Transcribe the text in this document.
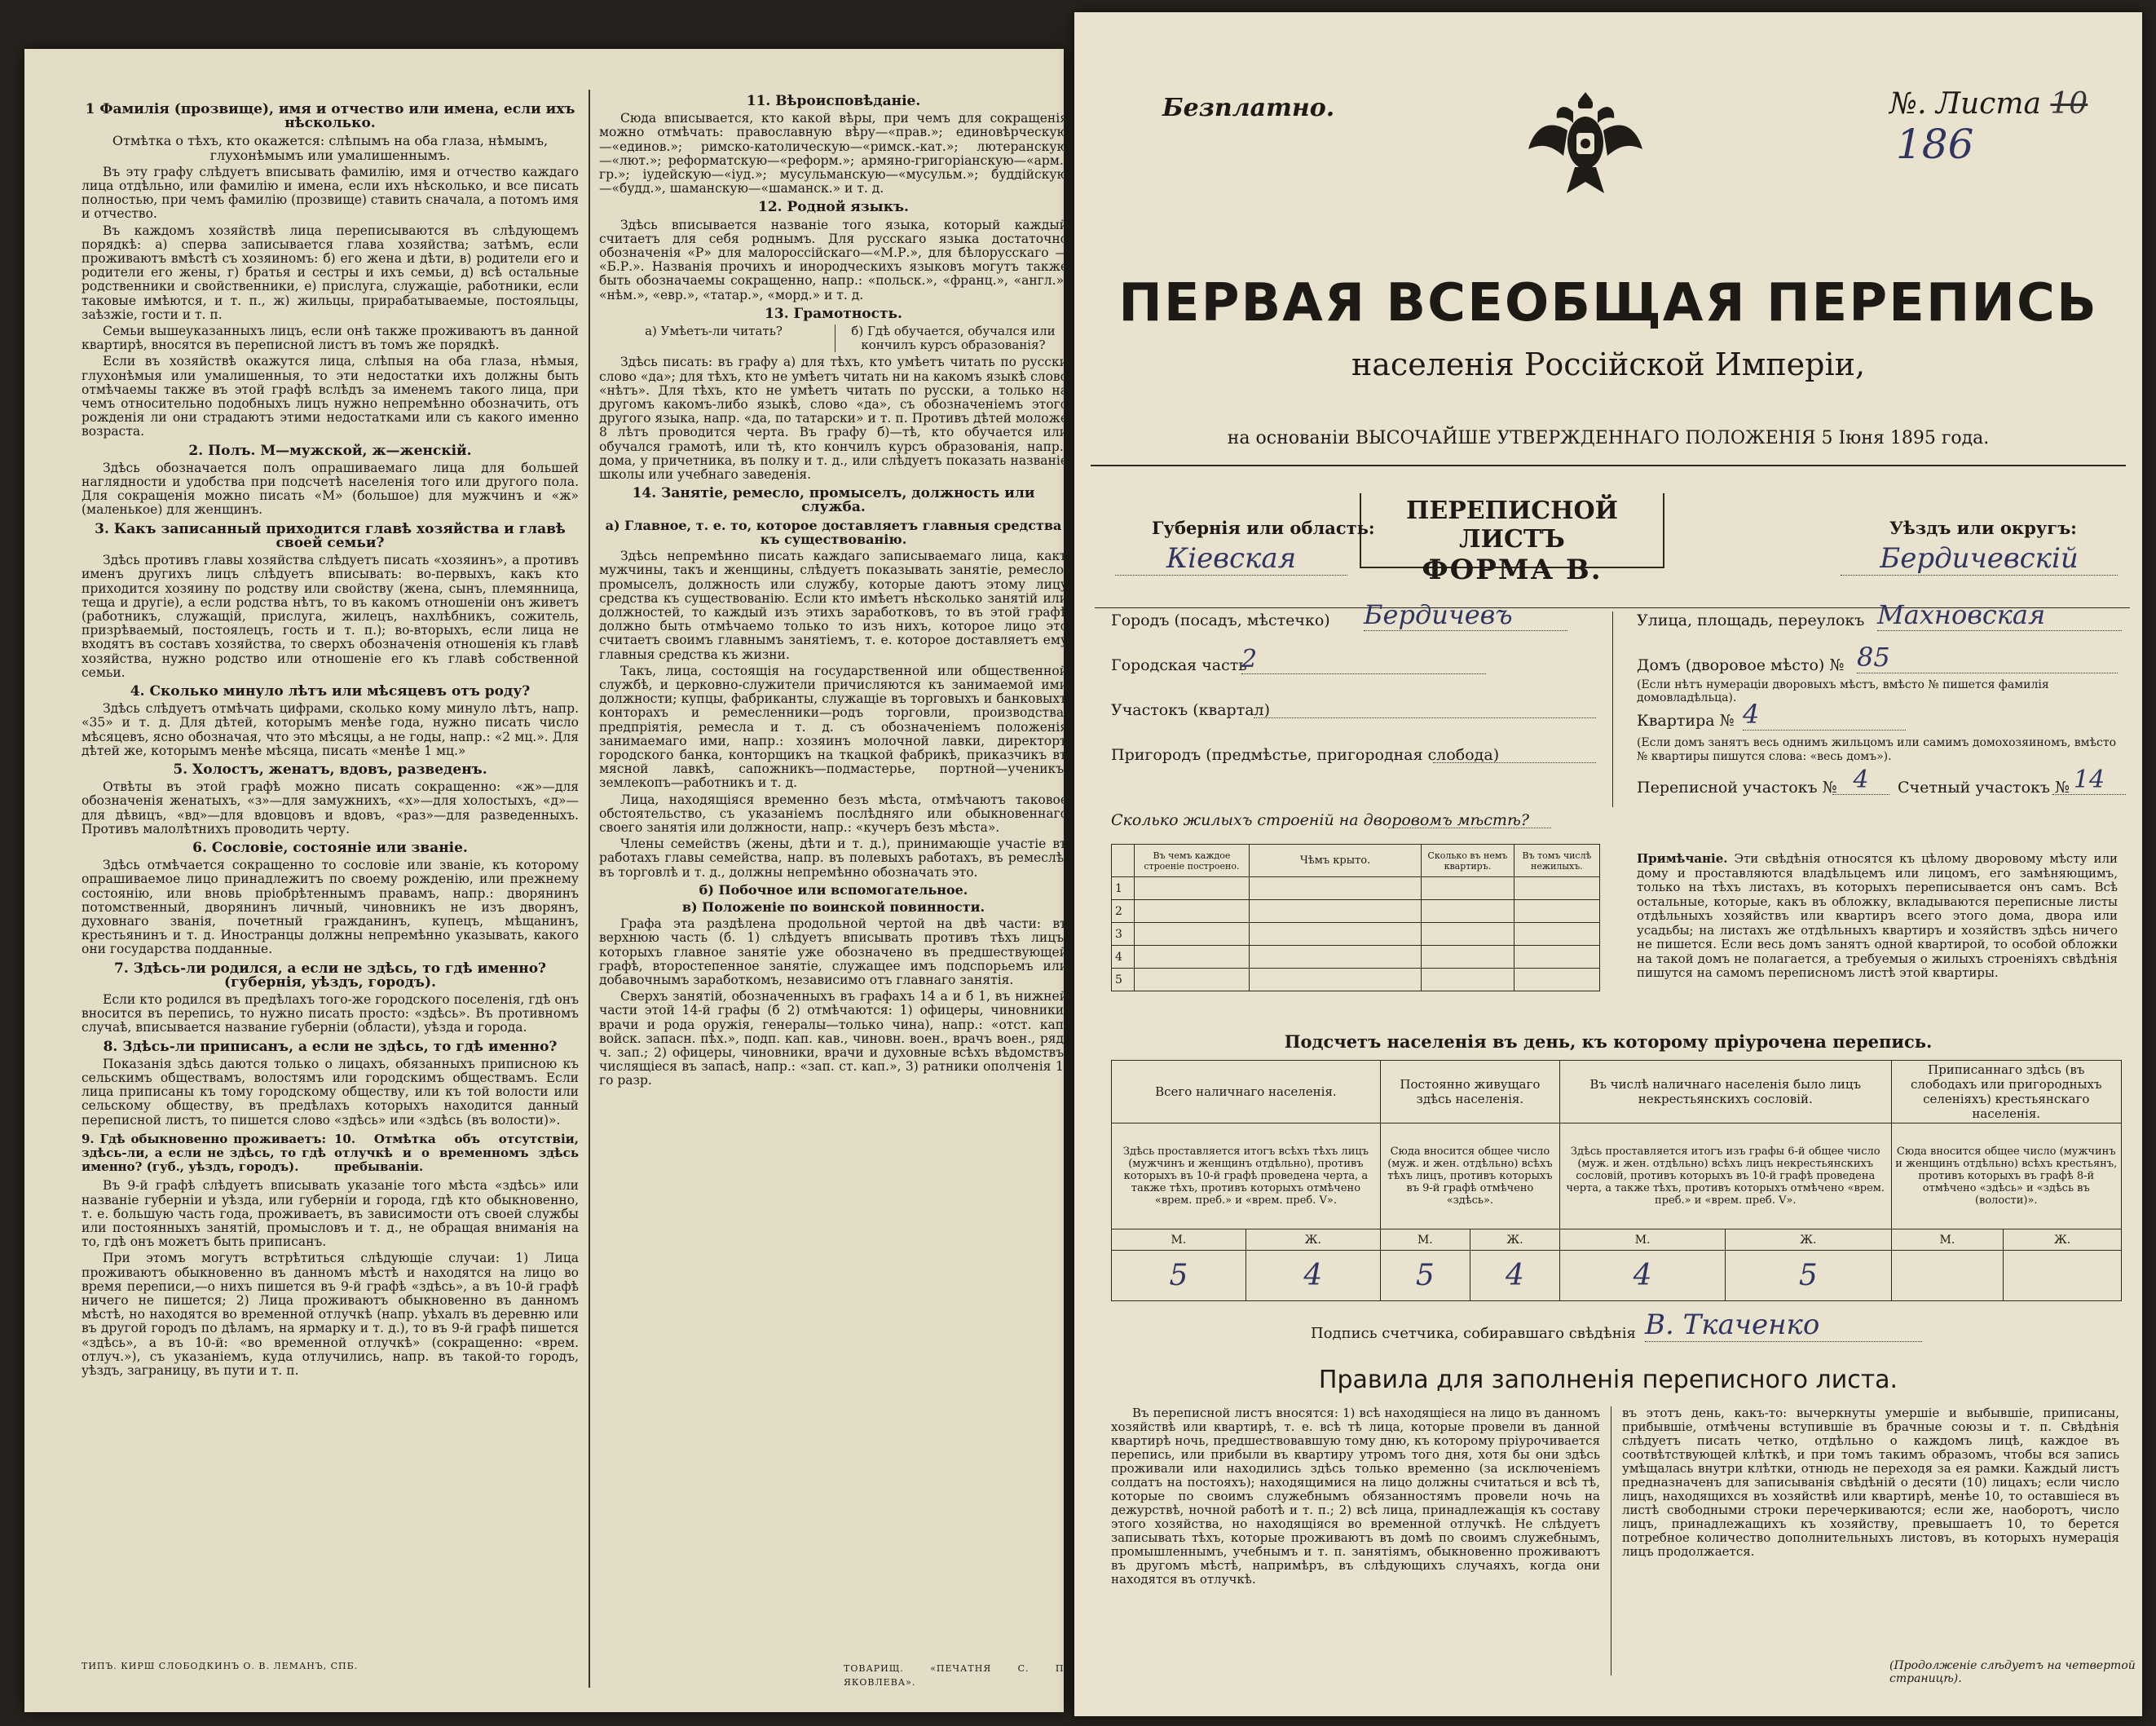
1 Фамилія (прозвище), имя и отчество или имена, если ихъ нѣсколько.

Отмѣтка о тѣхъ, кто окажется: слѣпымъ на оба глаза, нѣмымъ, глухонѣмымъ или умалишеннымъ.

Въ эту графу слѣдуетъ вписывать фамилію, имя и отчество каждаго лица отдѣльно, или фамилію и имена, если ихъ нѣсколько, и все писать полностью, при чемъ фамилію (прозвище) ставить сначала, а потомъ имя и отчество.

Въ каждомъ хозяйствѣ лица переписываются въ слѣдующемъ порядкѣ: а) сперва записывается глава хозяйства; затѣмъ, если проживаютъ вмѣстѣ съ хозяиномъ: б) его жена и дѣти, в) родители его и родители его жены, г) братья и сестры и ихъ семьи, д) всѣ остальные родственники и свойственники, е) прислуга, служащіе, работники, если таковые имѣются, и т. п., ж) жильцы, прирабатываемые, постояльцы, заѣзжіе, гости и т. п.

Семьи вышеуказанныхъ лицъ, если онѣ также проживаютъ въ данной квартирѣ, вносятся въ переписной листъ въ томъ же порядкѣ.

Если въ хозяйствѣ окажутся лица, слѣпыя на оба глаза, нѣмыя, глухонѣмыя или умалишенныя, то эти недостатки ихъ должны быть отмѣчаемы также въ этой графѣ вслѣдъ за именемъ такого лица, при чемъ относительно подобныхъ лицъ нужно непремѣнно обозначить, отъ рожденія ли они страдаютъ этими недостатками или съ какого именно возраста.

2. Полъ. М—мужской, ж—женскій.

Здѣсь обозначается полъ опрашиваемаго лица для большей наглядности и удобства при подсчетѣ населенія того или другого пола. Для сокращенія можно писать «М» (большое) для мужчинъ и «ж» (маленькое) для женщинъ.

3. Какъ записанный приходится главѣ хозяйства и главѣ своей семьи?

Здѣсь противъ главы хозяйства слѣдуетъ писать «хозяинъ», а противъ именъ другихъ лицъ слѣдуетъ вписывать: во-первыхъ, какъ кто приходится хозяину по родству или свойству (жена, сынъ, племянница, теща и другіе), а если родства нѣтъ, то въ какомъ отношеніи онъ живетъ (работникъ, служащій, прислуга, жилецъ, нахлѣбникъ, сожитель, призрѣваемый, постоялецъ, гость и т. п.); во-вторыхъ, если лица не входятъ въ составъ хозяйства, то сверхъ обозначенія отношенія къ главѣ хозяйства, нужно родство или отношеніе его къ главѣ собственной семьи.

4. Сколько минуло лѣтъ или мѣсяцевъ отъ роду?

Здѣсь слѣдуетъ отмѣчать цифрами, сколько кому минуло лѣтъ, напр. «35» и т. д. Для дѣтей, которымъ менѣе года, нужно писать число мѣсяцевъ, ясно обозначая, что это мѣсяцы, а не годы, напр.: «2 мц.». Для дѣтей же, которымъ менѣе мѣсяца, писать «менѣе 1 мц.»

5. Холостъ, женатъ, вдовъ, разведенъ.

Отвѣты въ этой графѣ можно писать сокращенно: «ж»—для обозначенія женатыхъ, «з»—для замужнихъ, «х»—для холостыхъ, «д»—для дѣвицъ, «вд»—для вдовцовъ и вдовъ, «раз»—для разведенныхъ. Противъ малолѣтнихъ проводить черту.

6. Сословіе, состояніе или званіе.

Здѣсь отмѣчается сокращенно то сословіе или званіе, къ которому опрашиваемое лицо принадлежитъ по своему рожденію, или прежнему состоянію, или вновь пріобрѣтеннымъ правамъ, напр.: дворянинъ потомственный, дворянинъ личный, чиновникъ не изъ дворянъ, духовнаго званія, почетный гражданинъ, купецъ, мѣщанинъ, крестьянинъ и т. д. Иностранцы должны непремѣнно указывать, какого они государства подданные.

7. Здѣсь-ли родился, а если не здѣсь, то гдѣ именно? (губернія, уѣздъ, городъ).

Если кто родился въ предѣлахъ того-же городского поселенія, гдѣ онъ вносится въ перепись, то нужно писать просто: «здѣсь». Въ противномъ случаѣ, вписывается название губерніи (области), уѣзда и города.

8. Здѣсь-ли приписанъ, а если не здѣсь, то гдѣ именно?

Показанія здѣсь даются только о лицахъ, обязанныхъ приписною къ сельскимъ обществамъ, волостямъ или городскимъ обществамъ. Если лица приписаны къ тому городскому обществу, или къ той волости или сельскому обществу, въ предѣлахъ которыхъ находится данный переписной листъ, то пишется слово «здѣсь» или «здѣсь (въ волости)».

9. Гдѣ обыкновенно проживаетъ: здѣсь-ли, а если не здѣсь, то гдѣ именно? (губ., уѣздъ, городъ).
10. Отмѣтка объ отсутствіи, отлучкѣ и о временномъ здѣсь пребываніи.

Въ 9-й графѣ слѣдуетъ вписывать указаніе того мѣста «здѣсь» или названіе губерніи и уѣзда, или губерніи и города, гдѣ кто обыкновенно, т. е. большую часть года, проживаетъ, въ зависимости отъ своей службы или постоянныхъ занятій, промысловъ и т. д., не обращая вниманія на то, гдѣ онъ можетъ быть приписанъ.

При этомъ могутъ встрѣтиться слѣдующіе случаи: 1) Лица проживаютъ обыкновенно въ данномъ мѣстѣ и находятся на лицо во время переписи,—о нихъ пишется въ 9-й графѣ «здѣсь», а въ 10-й графѣ ничего не пишется; 2) Лица проживаютъ обыкновенно въ данномъ мѣстѣ, но находятся во временной отлучкѣ (напр. уѣхалъ въ деревню или въ другой городъ по дѣламъ, на ярмарку и т. д.), то въ 9-й графѣ пишется «здѣсь», а въ 10-й: «во временной отлучкѣ» (сокращенно: «врем. отлуч.»), съ указаніемъ, куда отлучились, напр. въ такой-то городъ, уѣздъ, заграницу, въ пути и т. п.

ТИПЪ. КИРШ СЛОБОДКИНЪ О. В. ЛЕМАНЪ, СПБ.
11. Вѣроисповѣданіе.

Сюда вписывается, кто какой вѣры, при чемъ для сокращенія можно отмѣчать: православную вѣру—«прав.»; единовѣрческую—«единов.»; римско-католическую—«римск.-кат.»; лютеранскую—«лют.»; реформатскую—«реформ.»; армяно-григоріанскую—«арм.-гр.»; іудейскую—«іуд.»; мусульманскую—«мусульм.»; буддійскую—«будд.», шаманскую—«шаманск.» и т. д.

12. Родной языкъ.

Здѣсь вписывается названіе того языка, который каждый считаетъ для себя роднымъ. Для русскаго языка достаточно обозначенія «Р» для малороссійскаго—«М.Р.», для бѣлорусскаго — «Б.Р.». Названія прочихъ и инородческихъ языковъ могутъ также быть обозначаемы сокращенно, напр.: «польск.», «франц.», «англ.», «нѣм.», «евр.», «татар.», «морд.» и т. д.

13. Грамотность.
а) Умѣетъ-ли читать?	б) Гдѣ обучается, обучался или кончилъ курсъ образованія?

Здѣсь писать: въ графу а) для тѣхъ, кто умѣетъ читать по русски слово «да»; для тѣхъ, кто не умѣетъ читать ни на какомъ языкѣ слово «нѣтъ». Для тѣхъ, кто не умѣетъ читать по русски, а только на другомъ какомъ-либо языкѣ, слово «да», съ обозначеніемъ этого другого языка, напр. «да, по татарски» и т. п. Противъ дѣтей моложе 8 лѣтъ проводится черта. Въ графу б)—тѣ, кто обучается или обучался грамотѣ, или тѣ, кто кончилъ курсъ образованія, напр.: дома, у причетника, въ полку и т. д., или слѣдуетъ показать названіе школы или учебнаго заведенія.

14. Занятіе, ремесло, промыселъ, должность или служба.

а) Главное, т. е. то, которое доставляетъ главныя средства къ существованію.

Здѣсь непремѣнно писать каждаго записываемаго лица, какъ мужчины, такъ и женщины, слѣдуетъ показывать занятіе, ремесло, промыселъ, должность или службу, которые даютъ этому лицу средства къ существованію. Если кто имѣетъ нѣсколько занятій или должностей, то каждый изъ этихъ заработковъ, то въ этой графѣ должно быть отмѣчаемо только то изъ нихъ, которое лицо это считаетъ своимъ главнымъ занятіемъ, т. е. которое доставляетъ ему главныя средства къ жизни.

Такъ, лица, состоящія на государственной или общественной службѣ, и церковно-служители причисляются къ занимаемой ими должности; купцы, фабриканты, служащіе въ торговыхъ и банковыхъ конторахъ и ремесленники—родъ торговли, производства, предпріятія, ремесла и т. д. съ обозначеніемъ положенія занимаемаго ими, напр.: хозяинъ молочной лавки, директоръ городского банка, конторщикъ на ткацкой фабрикѣ, приказчикъ въ мясной лавкѣ, сапожникъ—подмастерье, портной—ученикъ, землекопъ—работникъ и т. д.

Лица, находящіяся временно безъ мѣста, отмѣчаютъ таковое обстоятельство, съ указаніемъ послѣдняго или обыкновеннаго своего занятія или должности, напр.: «кучеръ безъ мѣста».

Члены семействъ (жены, дѣти и т. д.), принимающіе участіе въ работахъ главы семейства, напр. въ полевыхъ работахъ, въ ремеслѣ, въ торговлѣ и т. д., должны непремѣнно обозначать это.

б) Побочное или вспомогательное.

в) Положеніе по воинской повинности.

Графа эта раздѣлена продольной чертой на двѣ части: въ верхнюю часть (б. 1) слѣдуетъ вписывать противъ тѣхъ лицъ, которыхъ главное занятіе уже обозначено въ предшествующей графѣ, второстепенное занятіе, служащее имъ подспорьемъ или добавочнымъ заработкомъ, независимо отъ главнаго занятія.

Сверхъ занятій, обозначенныхъ въ графахъ 14 а и б 1, въ нижней части этой 14-й графы (б 2) отмѣчаются: 1) офицеры, чиновники, врачи и рода оружія, генералы—только чина), напр.: «отст. кап. войск. запасн. пѣх.», подп. кап. кав., чиновн. воен., врачъ воен., ряд. ч. зап.; 2) офицеры, чиновники, врачи и духовные всѣхъ вѣдомствъ, числящіеся въ запасѣ, напр.: «зап. ст. кап.», 3) ратники ополченія 1-го разр.

ТОВАРИЩ. «ПЕЧАТНЯ С. П. ЯКОВЛЕВА».
Безплатно.	№. Листа 10 186
ПЕРВАЯ ВСЕОБЩАЯ ПЕРЕПИСЬ
населенія Россійской Имперіи,
на основаніи ВЫСОЧАЙШЕ УТВЕРЖДЕННАГО ПОЛОЖЕНІЯ 5 Іюня 1895 года.
ПЕРЕПИСНОЙ ЛИСТЪ
ФОРМА В.
Губернія или область:
Кіевская
Уѣздъ или округъ:
Бердичевскій
Городъ (посадъ, мѣстечко) Бердичевъ
Городская часть
2
Участокъ (квартал)
Пригородъ (предмѣстье, пригородная слобода)
Улица, площадь, переулокъ Махновская
Домъ (дворовое мѣсто) № 85
(Если нѣтъ нумераціи дворовыхъ мѣстъ, вмѣсто № пишется фамилія домовладѣльца).
Квартира № 4
(Если домъ занятъ весь однимъ жильцомъ или самимъ домохозяиномъ, вмѣсто № квартиры пишутся слова: «весь домъ»).
Переписной участокъ № 4	Счетный участокъ № 14
Сколько жилыхъ строеній на дворовомъ мѣстѣ?
	Въ чемъ каждое строеніе построено.	Чѣмъ крыто.	Сколько въ немъ квартиръ.	Въ томъ числѣ нежилыхъ.
1				
2				
3				
4				
5				
Примѣчаніе. Эти свѣдѣнія относятся къ цѣлому дворовому мѣсту или дому и проставляются владѣльцемъ или лицомъ, его замѣняющимъ, только на тѣхъ листахъ, въ которыхъ переписывается онъ самъ. Всѣ остальные, которые, какъ въ обложку, вкладываются переписные листы отдѣльныхъ хозяйствъ или квартиръ всего этого дома, двора или усадьбы; на листахъ же отдѣльныхъ квартиръ и хозяйствъ здѣсь ничего не пишется. Если весь домъ занятъ одной квартирой, то особой обложки на такой домъ не полагается, а требуемыя о жилыхъ строеніяхъ свѣдѣнія пишутся на самомъ переписномъ листѣ этой квартиры.
Подсчетъ населенія въ день, къ которому пріурочена перепись.
Всего наличнаго населенія.		Постоянно живущаго здѣсь населенія.		Въ числѣ наличнаго населенія было лицъ некрестьянскихъ сословій.		Приписаннаго здѣсь (въ слободахъ или пригородныхъ селеніяхъ) крестьянскаго населенія.	
Здѣсь проставляется итогъ всѣхъ тѣхъ лицъ (мужчинъ и женщинъ отдѣльно), противъ которыхъ въ 10-й графѣ проведена черта, а также тѣхъ, противъ которыхъ отмѣчено «врем. преб.» и «врем. преб. V».		Сюда вносится общее число (муж. и жен. отдѣльно) всѣхъ тѣхъ лицъ, противъ которыхъ въ 9-й графѣ отмѣчено «здѣсь».		Здѣсь проставляется итогъ изъ графы 6-й общее число (муж. и жен. отдѣльно) всѣхъ лицъ некрестьянскихъ сословій, противъ которыхъ въ 10-й графѣ проведена черта, а также тѣхъ, противъ которыхъ отмѣчено «врем. преб.» и «врем. преб. V».		Сюда вносится общее число (мужчинъ и женщинъ отдѣльно) всѣхъ крестьянъ, противъ которыхъ въ графѣ 8-й отмѣчено «здѣсь» и «здѣсь въ (волости)».	
М.	Ж.	М.	Ж.	М.	Ж.	М.	Ж.
5	4	5	4	4	5		
Подпись счетчика, собиравшаго свѣдѣнія В. Ткаченко
Правила для заполненія переписного листа.
Въ переписной листъ вносятся: 1) всѣ находящіеся на лицо въ данномъ хозяйствѣ или квартирѣ, т. е. всѣ тѣ лица, которые провели въ данной квартирѣ ночь, предшествовавшую тому дню, къ которому пріурочивается перепись, или прибыли въ квартиру утромъ того дня, хотя бы они здѣсь проживали или находились здѣсь только временно (за исключеніемъ солдатъ на постояхъ); находящимися на лицо должны считаться и всѣ тѣ, которые по своимъ служебнымъ обязанностямъ провели ночь на дежурствѣ, ночной работѣ и т. п.; 2) всѣ лица, принадлежащія къ составу этого хозяйства, но находящіяся во временной отлучкѣ. Не слѣдуетъ записывать тѣхъ, которые проживаютъ въ домѣ по своимъ служебнымъ, промышленнымъ, учебнымъ и т. п. занятіямъ, обыкновенно проживаютъ въ другомъ мѣстѣ, напримѣръ, въ слѣдующихъ случаяхъ, когда они находятся въ отлучкѣ.
въ этотъ день, какъ-то: вычеркнуты умершіе и выбывшіе, приписаны, прибывшіе, отмѣчены вступившіе въ брачные союзы и т. п. Свѣдѣнія слѣдуетъ писать четко, отдѣльно о каждомъ лицѣ, каждое въ соотвѣтствующей клѣткѣ, и при томъ такимъ образомъ, чтобы вся запись умѣщалась внутри клѣтки, отнюдь не переходя за ея рамки. Каждый листъ предназначенъ для записыванія свѣдѣній о десяти (10) лицахъ; если число лицъ, находящихся въ хозяйствѣ или квартирѣ, менѣе 10, то оставшіеся въ листѣ свободными строки перечеркиваются; если же, наоборотъ, число лицъ, принадлежащихъ къ хозяйству, превышаетъ 10, то берется потребное количество дополнительныхъ листовъ, въ которыхъ нумерація лицъ продолжается.
(Продолженіе слѣдуетъ на четвертой страницѣ).
